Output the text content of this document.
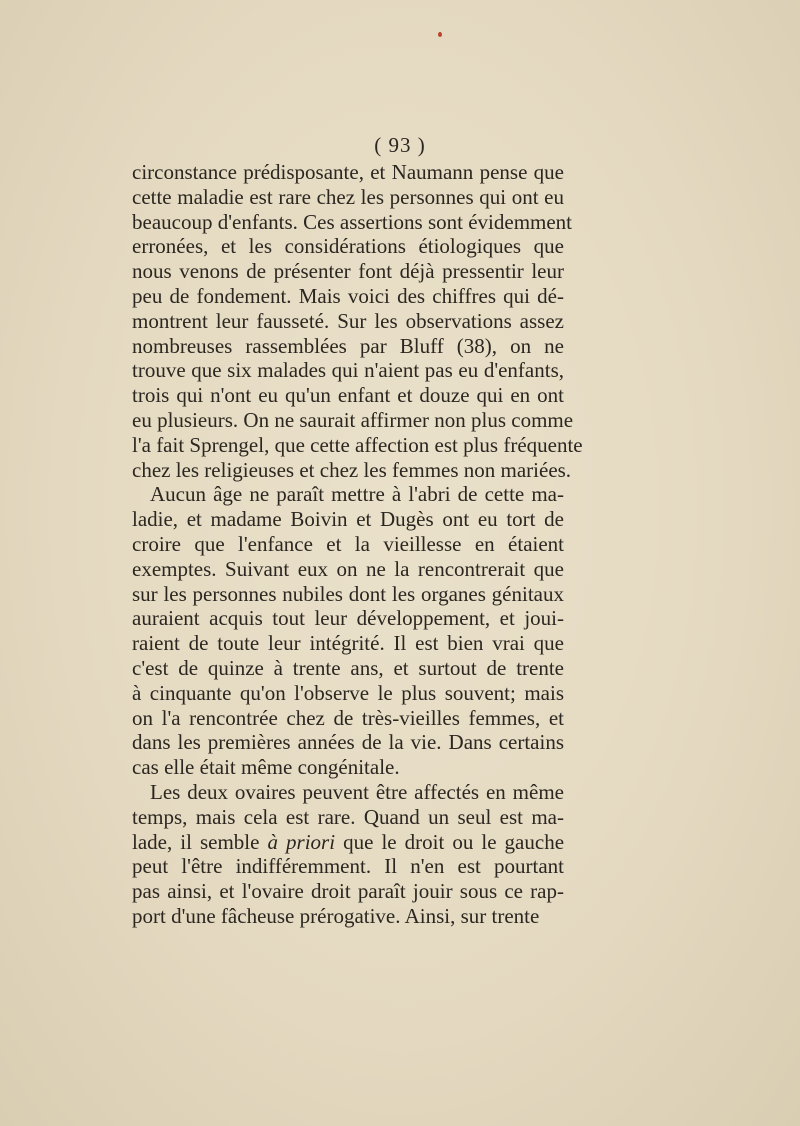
( 93 )
circonstance prédisposante, et Naumann pense que
cette maladie est rare chez les personnes qui ont eu
beaucoup d'enfants. Ces assertions sont évidemment
erronées, et les considérations étiologiques que
nous venons de présenter font déjà pressentir leur
peu de fondement. Mais voici des chiffres qui dé-
montrent leur fausseté. Sur les observations assez
nombreuses rassemblées par Bluff (38), on ne
trouve que six malades qui n'aient pas eu d'enfants,
trois qui n'ont eu qu'un enfant et douze qui en ont
eu plusieurs. On ne saurait affirmer non plus comme
l'a fait Sprengel, que cette affection est plus fréquente
chez les religieuses et chez les femmes non mariées.
Aucun âge ne paraît mettre à l'abri de cette ma-
ladie, et madame Boivin et Dugès ont eu tort de
croire que l'enfance et la vieillesse en étaient
exemptes. Suivant eux on ne la rencontrerait que
sur les personnes nubiles dont les organes génitaux
auraient acquis tout leur développement, et joui-
raient de toute leur intégrité. Il est bien vrai que
c'est de quinze à trente ans, et surtout de trente
à cinquante qu'on l'observe le plus souvent; mais
on l'a rencontrée chez de très-vieilles femmes, et
dans les premières années de la vie. Dans certains
cas elle était même congénitale.
Les deux ovaires peuvent être affectés en même
temps, mais cela est rare. Quand un seul est ma-
lade, il semble à priori que le droit ou le gauche
peut l'être indifféremment. Il n'en est pourtant
pas ainsi, et l'ovaire droit paraît jouir sous ce rap-
port d'une fâcheuse prérogative. Ainsi, sur trente
